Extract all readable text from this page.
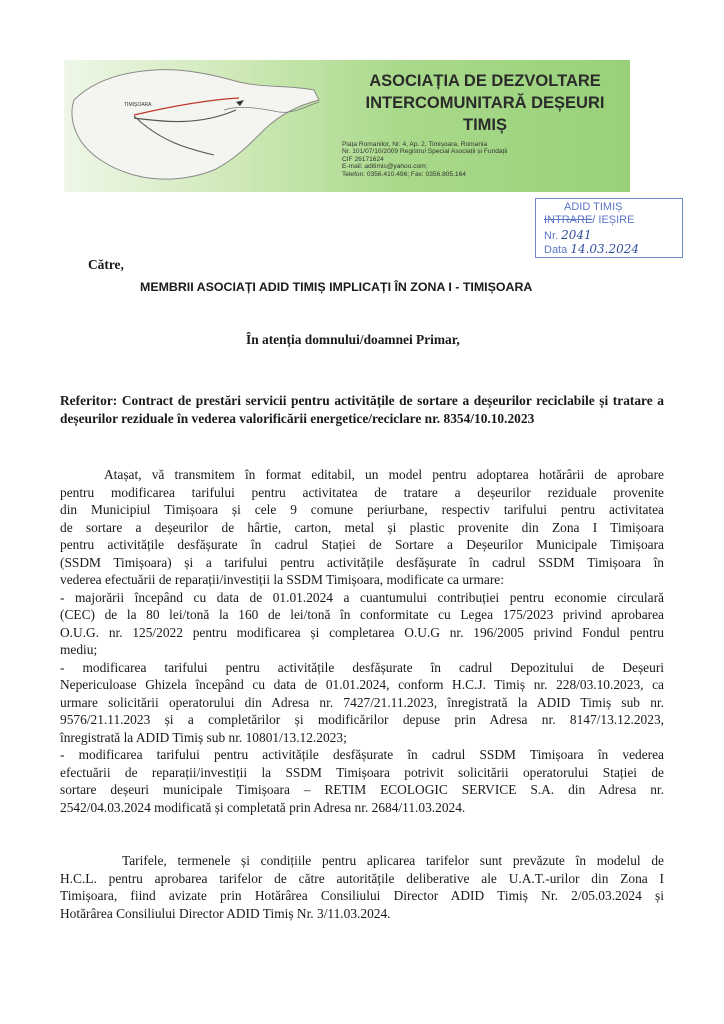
TIMIȘOARA
ASOCIAȚIA DE DEZVOLTARE
INTERCOMUNITARĂ DEȘEURI
TIMIȘ
Piața Romanilor, Nr. 4, Ap. 2, Timișoara, Romania
Nr. 101/07/10/2009 Registrul Special Asociații și Fundații
CIF 26171624
E-mail: aditimis@yahoo.com;
Telefon: 0356.410.496; Fax: 0356.805.164
ADID TIMIȘ
INTRARE/ IEȘIRE
Nr. 2041
Data 14.03.2024
Către,
MEMBRII ASOCIAȚI ADID TIMIȘ IMPLICAȚI ÎN ZONA I - TIMIȘOARA
În atenția domnului/doamnei Primar,
Referitor: Contract de prestări servicii pentru activitățile de sortare a deșeurilor reciclabile și tratare a deșeurilor reziduale în vederea valorificării energetice/reciclare nr. 8354/10.10.2023
Atașat, vă transmitem în format editabil, un model pentru adoptarea hotărârii de aprobare
pentru modificarea tarifului pentru activitatea de tratare a deșeurilor reziduale provenite
din Municipiul Timișoara și cele 9 comune periurbane, respectiv tarifului pentru activitatea
de sortare a deșeurilor de hârtie, carton, metal și plastic provenite din Zona I Timișoara
pentru activitățile desfășurate în cadrul Stației de Sortare a Deșeurilor Municipale Timișoara
(SSDM Timișoara) și a tarifului pentru activitățile desfășurate în cadrul SSDM Timișoara în
vederea efectuării de reparații/investiții la SSDM Timișoara, modificate ca urmare:
- majorării începând cu data de 01.01.2024 a cuantumului contribuției pentru economie circulară
(CEC) de la 80 lei/tonă la 160 de lei/tonă în conformitate cu Legea 175/2023 privind aprobarea
O.U.G. nr. 125/2022 pentru modificarea și completarea O.U.G nr. 196/2005 privind Fondul pentru
mediu;
- modificarea tarifului pentru activitățile desfășurate în cadrul Depozitului de Deșeuri
Nepericuloase Ghizela începând cu data de 01.01.2024, conform H.C.J. Timiș nr. 228/03.10.2023, ca
urmare solicitării operatorului din Adresa nr. 7427/21.11.2023, înregistrată la ADID Timiș sub nr.
9576/21.11.2023 și a completărilor și modificărilor depuse prin Adresa nr. 8147/13.12.2023,
înregistrată la ADID Timiș sub nr. 10801/13.12.2023;
- modificarea tarifului pentru activitățile desfășurate în cadrul SSDM Timișoara în vederea
efectuării de reparații/investiții la SSDM Timișoara potrivit solicitării operatorului Stației de
sortare deșeuri municipale Timișoara – RETIM ECOLOGIC SERVICE S.A. din Adresa nr.
2542/04.03.2024 modificată și completată prin Adresa nr. 2684/11.03.2024.
Tarifele, termenele și condițiile pentru aplicarea tarifelor sunt prevăzute în modelul de
H.C.L. pentru aprobarea tarifelor de către autoritățile deliberative ale U.A.T.-urilor din Zona I
Timișoara, fiind avizate prin Hotărârea Consiliului Director ADID Timiș Nr. 2/05.03.2024 și
Hotărârea Consiliului Director ADID Timiș Nr. 3/11.03.2024.
